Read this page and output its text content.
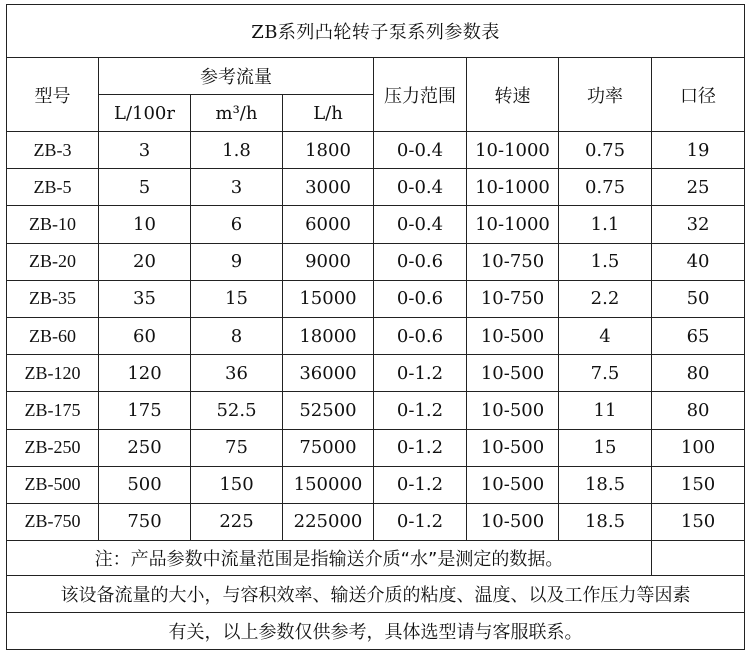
ZB系列凸轮转子泵系列参数表							
型号	参考流量			压力范围	转速	功率	口径
	L/100r	m³/h	L/h				
ZB-3	3	1.8	1800	0-0.4	10-1000	0.75	19
ZB-5	5	3	3000	0-0.4	10-1000	0.75	25
ZB-10	10	6	6000	0-0.4	10-1000	1.1	32
ZB-20	20	9	9000	0-0.6	10-750	1.5	40
ZB-35	35	15	15000	0-0.6	10-750	2.2	50
ZB-60	60	8	18000	0-0.6	10-500	4	65
ZB-120	120	36	36000	0-1.2	10-500	7.5	80
ZB-175	175	52.5	52500	0-1.2	10-500	11	80
ZB-250	250	75	75000	0-1.2	10-500	15	100
ZB-500	500	150	150000	0-1.2	10-500	18.5	150
ZB-750	750	225	225000	0-1.2	10-500	18.5	150
注：产品参数中流量范围是指输送介质“水”是测定的数据。							
该设备流量的大小，与容积效率、输送介质的粘度、温度、以及工作压力等因素							
有关，以上参数仅供参考，具体选型请与客服联系。							
